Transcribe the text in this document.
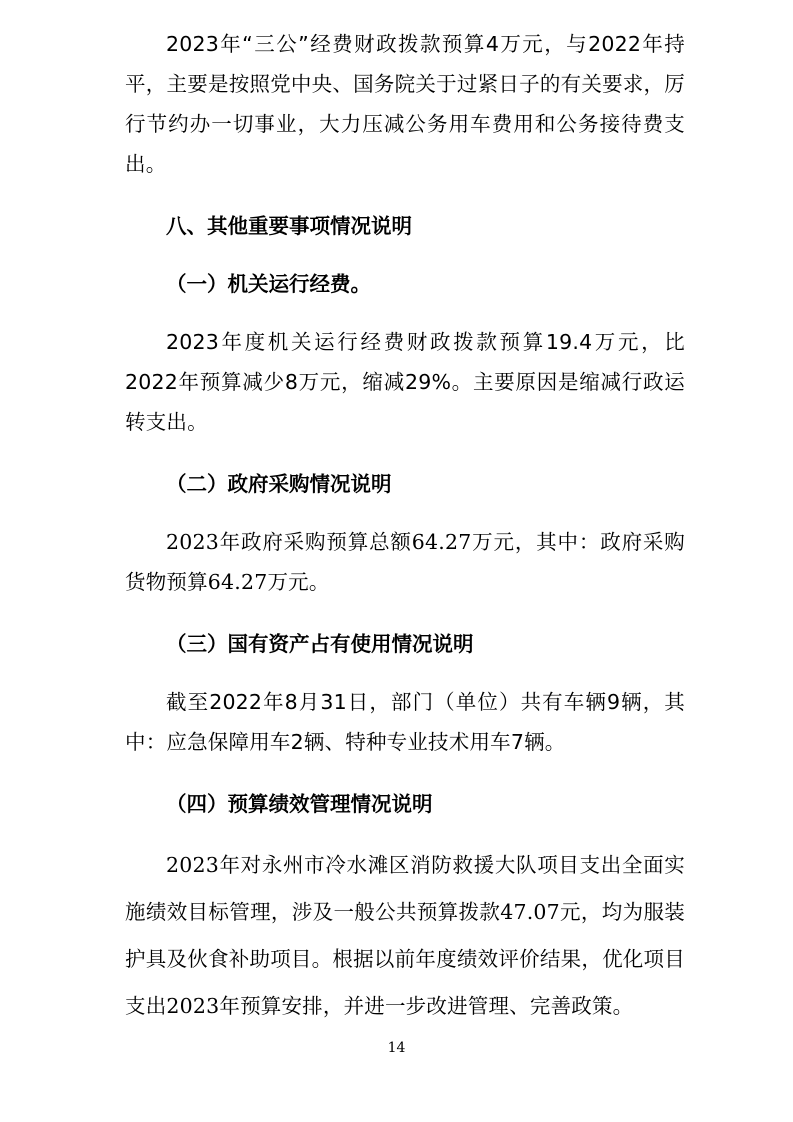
2023年“三公”经费财政拨款预算4万元，与2022年持平，主要是按照党中央、国务院关于过紧日子的有关要求，厉行节约办一切事业，大力压减公务用车费用和公务接待费支出。

八、其他重要事项情况说明

（一）机关运行经费。

2023年度机关运行经费财政拨款预算19.4万元，比2022年预算减少8万元，缩减29%。主要原因是缩减行政运转支出。

（二）政府采购情况说明

2023年政府采购预算总额64.27万元，其中：政府采购货物预算64.27万元。

（三）国有资产占有使用情况说明

截至2022年8月31日，部门（单位）共有车辆9辆，其中：应急保障用车2辆、特种专业技术用车7辆。

（四）预算绩效管理情况说明

2023年对永州市冷水滩区消防救援大队项目支出全面实施绩效目标管理，涉及一般公共预算拨款47.07元，均为服装护具及伙食补助项目。根据以前年度绩效评价结果，优化项目支出2023年预算安排，并进一步改进管理、完善政策。

14
